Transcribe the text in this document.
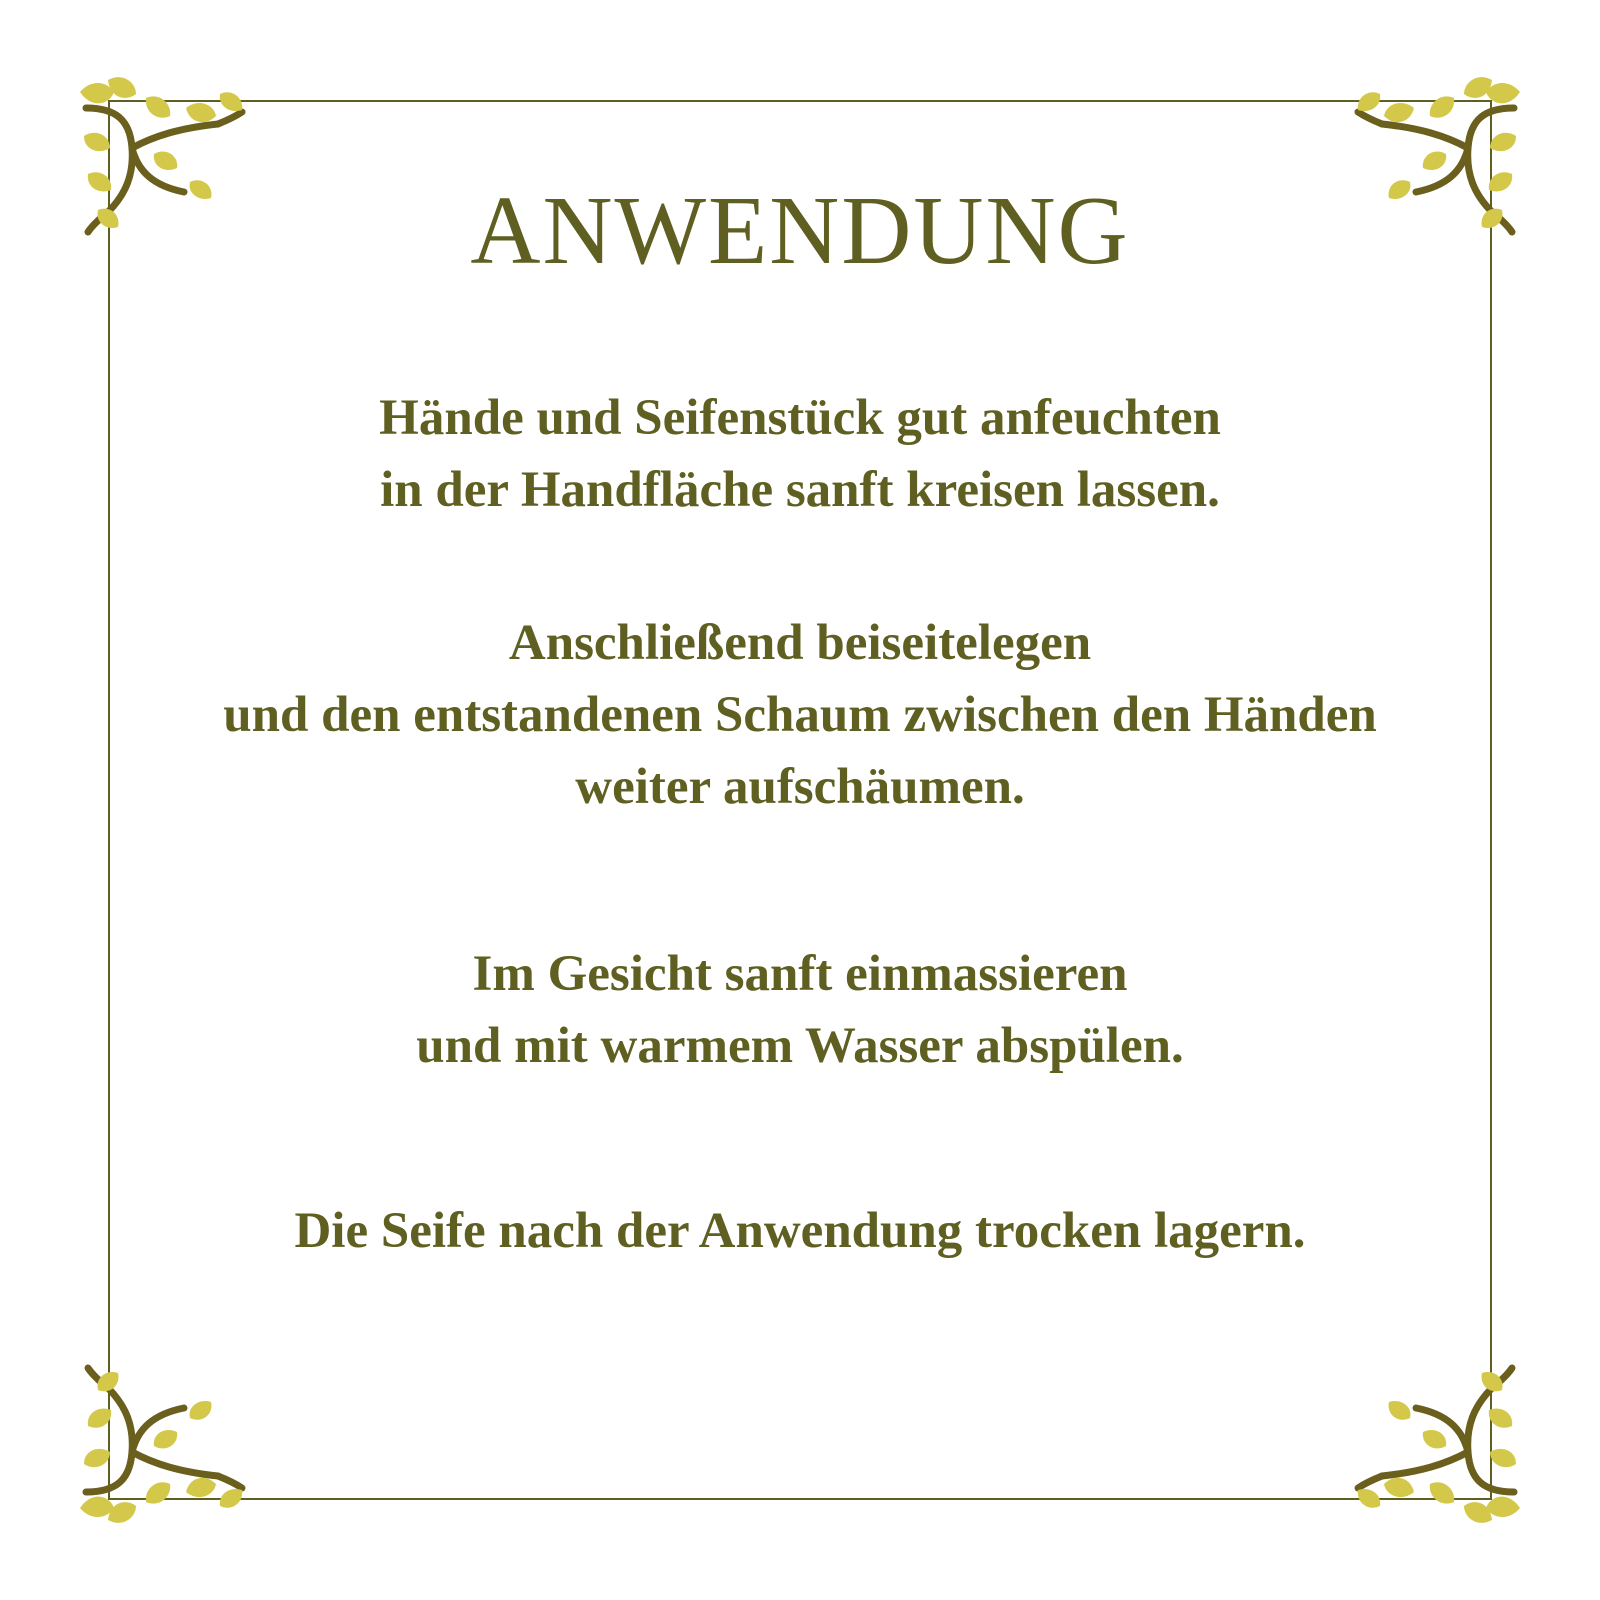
ANWENDUNG

Hände und Seifenstück gut anfeuchten
in der Handfläche sanft kreisen lassen.

Anschließend beiseitelegen
und den entstandenen Schaum zwischen den Händen
weiter aufschäumen.

Im Gesicht sanft einmassieren
und mit warmem Wasser abspülen.

Die Seife nach der Anwendung trocken lagern.
